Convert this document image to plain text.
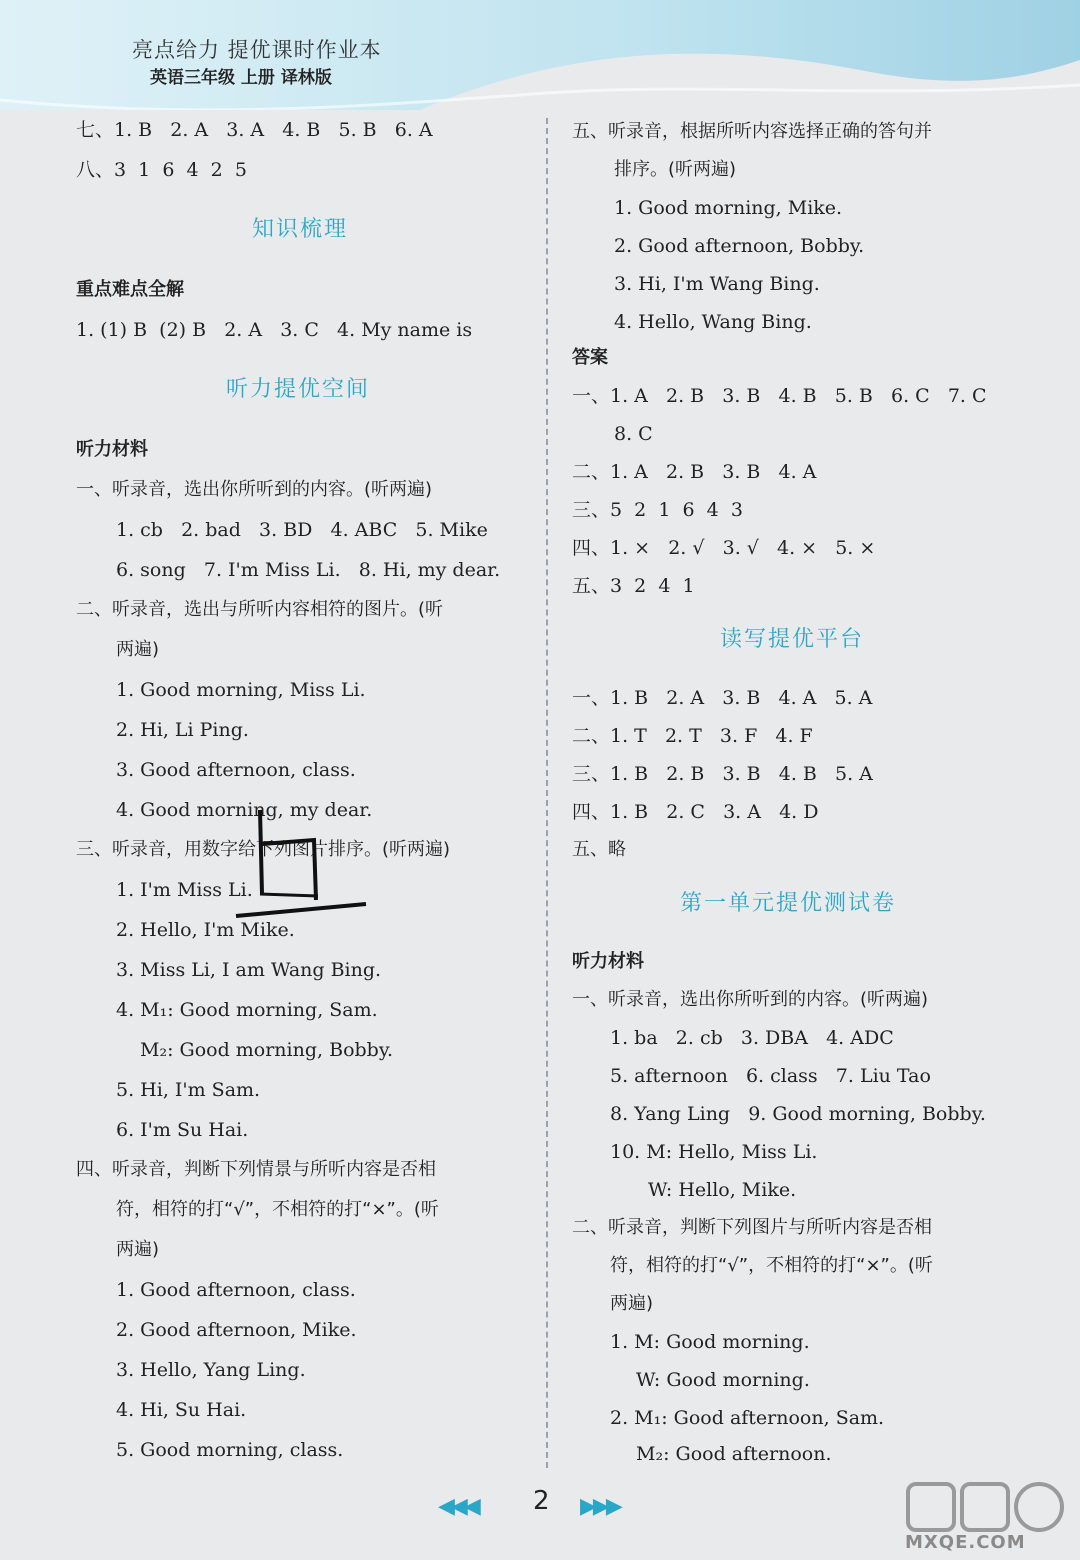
亮点给力 提优课时作业本
英语三年级 上册 译林版
七、1. B   2. A   3. A   4. B   5. B   6. A
八、3  1  6  4  2  5
知识梳理
重点难点全解
1. (1) B  (2) B   2. A   3. C   4. My name is
听力提优空间
听力材料
一、听录音，选出你所听到的内容。(听两遍)
1. cb   2. bad   3. BD   4. ABC   5. Mike
6. song   7. I'm Miss Li.   8. Hi, my dear.
二、听录音，选出与所听内容相符的图片。(听
两遍)
1. Good morning, Miss Li.
2. Hi, Li Ping.
3. Good afternoon, class.
4. Good morning, my dear.
三、听录音，用数字给下列图片排序。(听两遍)
1. I'm Miss Li.
2. Hello, I'm Mike.
3. Miss Li, I am Wang Bing.
4. M₁: Good morning, Sam.
M₂: Good morning, Bobby.
5. Hi, I'm Sam.
6. I'm Su Hai.
四、听录音，判断下列情景与所听内容是否相
符，相符的打“√”，不相符的打“×”。(听
两遍)
1. Good afternoon, class.
2. Good afternoon, Mike.
3. Hello, Yang Ling.
4. Hi, Su Hai.
5. Good morning, class.
五、听录音，根据所听内容选择正确的答句并
排序。(听两遍)
1. Good morning, Mike.
2. Good afternoon, Bobby.
3. Hi, I'm Wang Bing.
4. Hello, Wang Bing.
答案
一、1. A   2. B   3. B   4. B   5. B   6. C   7. C
8. C
二、1. A   2. B   3. B   4. A
三、5  2  1  6  4  3
四、1. ×   2. √   3. √   4. ×   5. ×
五、3  2  4  1
读写提优平台
一、1. B   2. A   3. B   4. A   5. A
二、1. T   2. T   3. F   4. F
三、1. B   2. B   3. B   4. B   5. A
四、1. B   2. C   3. A   4. D
五、略
第一单元提优测试卷
听力材料
一、听录音，选出你所听到的内容。(听两遍)
1. ba   2. cb   3. DBA   4. ADC
5. afternoon   6. class   7. Liu Tao
8. Yang Ling   9. Good morning, Bobby.
10. M: Hello, Miss Li.
W: Hello, Mike.
二、听录音，判断下列图片与所听内容是否相
符，相符的打“√”，不相符的打“×”。(听
两遍)
1. M: Good morning.
W: Good morning.
2. M₁: Good afternoon, Sam.
M₂: Good afternoon.
◀◀◀ 2 ▶▶▶
MXQE.COM
